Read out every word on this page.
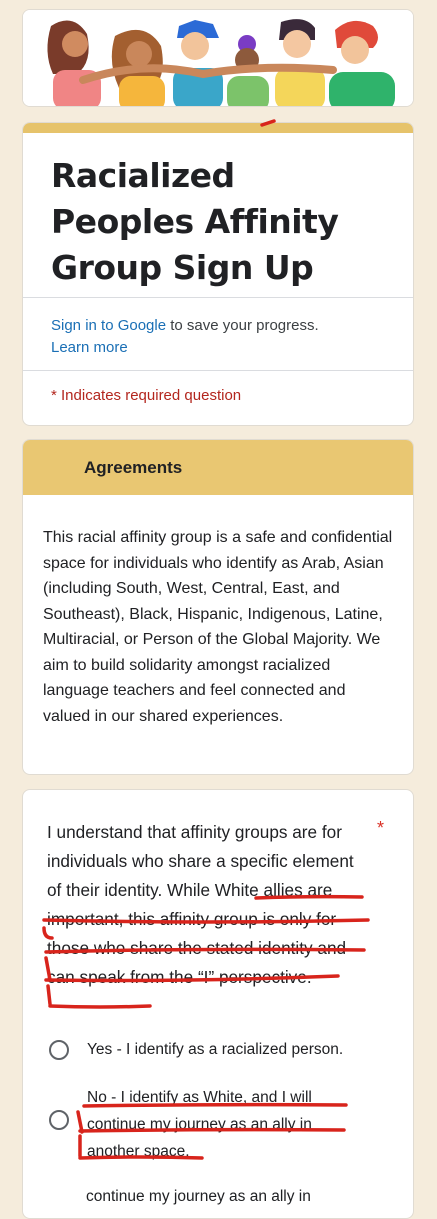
Racialized Peoples Affinity Group Sign Up
Sign in to Google to save your progress.
Learn more
* Indicates required question
Agreements
This racial affinity group is a safe and confidential space for individuals who identify as Arab, Asian (including South, West, Central, East, and Southeast), Black, Hispanic, Indigenous, Latine, Multiracial, or Person of the Global Majority. We aim to build solidarity amongst racialized language teachers and feel connected and valued in our shared experiences.
I understand that affinity groups are for individuals who share a specific element of their identity. While White allies are important, this affinity group is only for those who share the stated identity and can speak from the “I” perspective.
*
Yes - I identify as a racialized person.
No - I identify as White, and I will continue my journey as an ally in another space.
continue my journey as an ally in
